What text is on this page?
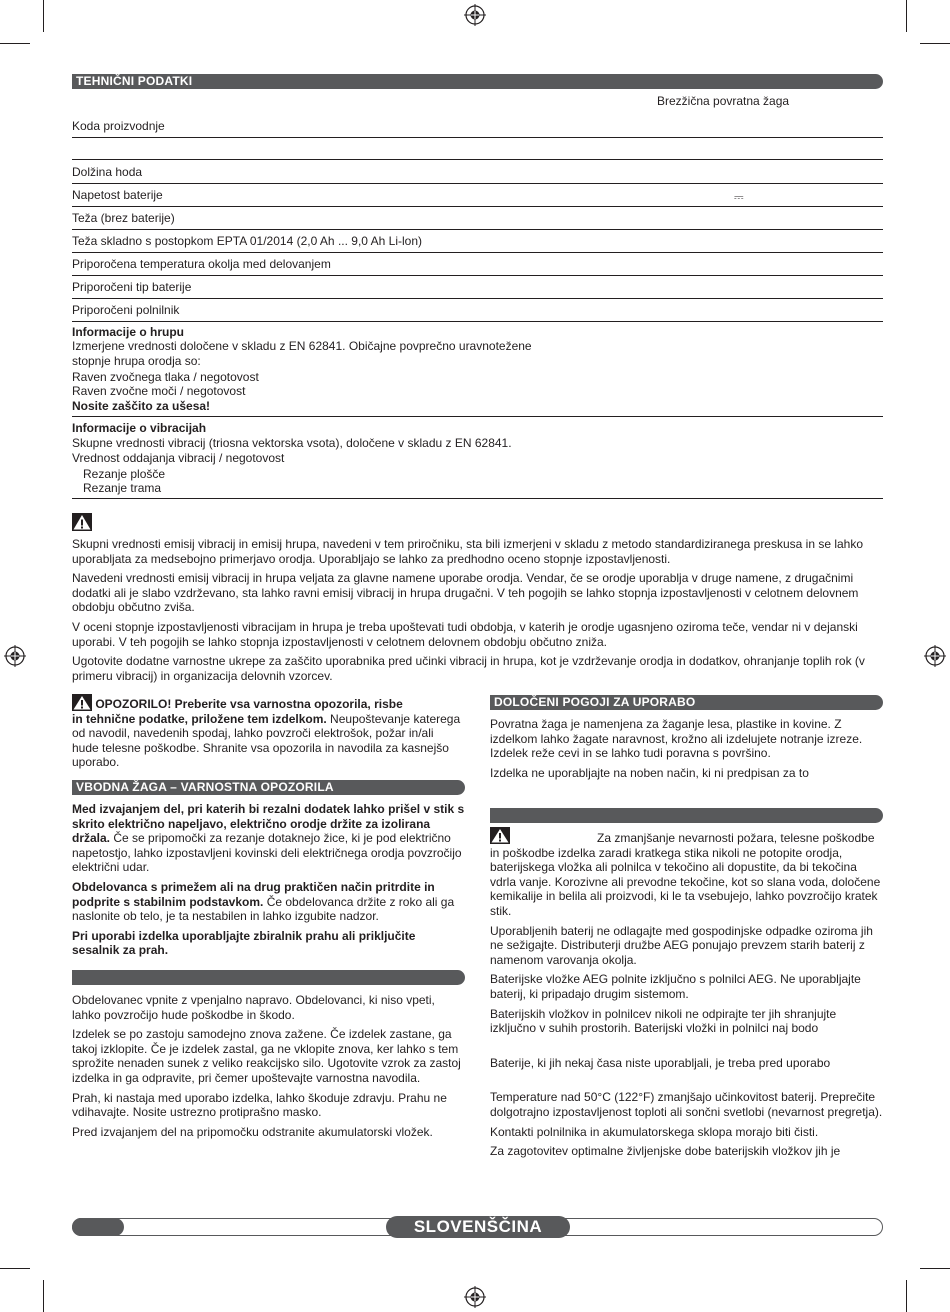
TEHNIČNI PODATKI
Brezžična povratna žaga
Koda proizvodnje
Dolžina hoda
Napetost baterije	⎓
Teža (brez baterije)
Teža skladno s postopkom EPTA 01/2014 (2,0 Ah ... 9,0 Ah Li-lon)
Priporočena temperatura okolja med delovanjem
Priporočeni tip baterije
Priporočeni polnilnik
Informacije o hrupu
Izmerjene vrednosti določene v skladu z EN 62841. Običajne povprečno uravnotežene
stopnje hrupa orodja so:
Raven zvočnega tlaka / negotovost
Raven zvočne moči / negotovost
Nosite zaščito za ušesa!
Informacije o vibracijah
Skupne vrednosti vibracij (triosna vektorska vsota), določene v skladu z EN 62841.
Vrednost oddajanja vibracij / negotovost
Rezanje plošče
Rezanje trama

Skupni vrednosti emisij vibracij in emisij hrupa, navedeni v tem priročniku, sta bili izmerjeni v skladu z metodo standardiziranega preskusa in se lahko uporabljata za medsebojno primerjavo orodja. Uporabljajo se lahko za predhodno oceno stopnje izpostavljenosti.

Navedeni vrednosti emisij vibracij in hrupa veljata za glavne namene uporabe orodja. Vendar, če se orodje uporablja v druge namene, z drugačnimi dodatki ali je slabo vzdrževano, sta lahko ravni emisij vibracij in hrupa drugačni. V teh pogojih se lahko stopnja izpostavljenosti v celotnem delovnem obdobju občutno zviša.

V oceni stopnje izpostavljenosti vibracijam in hrupa je treba upoštevati tudi obdobja, v katerih je orodje ugasnjeno oziroma teče, vendar ni v dejanski uporabi. V teh pogojih se lahko stopnja izpostavljenosti v celotnem delovnem obdobju občutno zniža.

Ugotovite dodatne varnostne ukrepe za zaščito uporabnika pred učinki vibracij in hrupa, kot je vzdrževanje orodja in dodatkov, ohranjanje toplih rok (v primeru vibracij) in organizacija delovnih vzorcev.

OPOZORILO! Preberite vsa varnostna opozorila, risbe
in tehnične podatke, priložene tem izdelkom. Neupoštevanje katerega od navodil, navedenih spodaj, lahko povzroči elektrošok, požar in/ali hude telesne poškodbe. Shranite vsa opozorila in navodila za kasnejšo uporabo.

VBODNA ŽAGA – VARNOSTNA OPOZORILA

Med izvajanjem del, pri katerih bi rezalni dodatek lahko prišel v stik s skrito električno napeljavo, električno orodje držite za izolirana držala. Če se pripomočki za rezanje dotaknejo žice, ki je pod električno napetostjo, lahko izpostavljeni kovinski deli električnega orodja povzročijo električni udar.

Obdelovanca s primežem ali na drug praktičen način pritrdite in podprite s stabilnim podstavkom. Če obdelovanca držite z roko ali ga naslonite ob telo, je ta nestabilen in lahko izgubite nadzor.

Pri uporabi izdelka uporabljajte zbiralnik prahu ali priključite sesalnik za prah.

Obdelovanec vpnite z vpenjalno napravo. Obdelovanci, ki niso vpeti, lahko povzročijo hude poškodbe in škodo.

Izdelek se po zastoju samodejno znova zažene. Če izdelek zastane, ga takoj izklopite. Če je izdelek zastal, ga ne vklopite znova, ker lahko s tem sprožite nenaden sunek z veliko reakcijsko silo. Ugotovite vzrok za zastoj izdelka in ga odpravite, pri čemer upoštevajte varnostna navodila.

Prah, ki nastaja med uporabo izdelka, lahko škoduje zdravju. Prahu ne vdihavajte. Nosite ustrezno protiprašno masko.

Pred izvajanjem del na pripomočku odstranite akumulatorski vložek.

DOLOČENI POGOJI ZA UPORABO

Povratna žaga je namenjena za žaganje lesa, plastike in kovine. Z izdelkom lahko žagate naravnost, krožno ali izdelujete notranje izreze. Izdelek reže cevi in se lahko tudi poravna s površino.

Izdelka ne uporabljajte na noben način, ki ni predpisan za to

Za zmanjšanje nevarnosti požara, telesne poškodbe in poškodbe izdelka zaradi kratkega stika nikoli ne potopite orodja, baterijskega vložka ali polnilca v tekočino ali dopustite, da bi tekočina vdrla vanje. Korozivne ali prevodne tekočine, kot so slana voda, določene kemikalije in belila ali proizvodi, ki le ta vsebujejo, lahko povzročijo kratek stik.

Uporabljenih baterij ne odlagajte med gospodinjske odpadke oziroma jih ne sežigajte. Distributerji družbe AEG ponujajo prevzem starih baterij z namenom varovanja okolja.

Baterijske vložke AEG polnite izključno s polnilci AEG. Ne uporabljajte baterij, ki pripadajo drugim sistemom.

Baterijskih vložkov in polnilcev nikoli ne odpirajte ter jih shranjujte izključno v suhih prostorih. Baterijski vložki in polnilci naj bodo

Baterije, ki jih nekaj časa niste uporabljali, je treba pred uporabo

Temperature nad 50°C (122°F) zmanjšajo učinkovitost baterij. Preprečite dolgotrajno izpostavljenost toploti ali sončni svetlobi (nevarnost pregretja).

Kontakti polnilnika in akumulatorskega sklopa morajo biti čisti.

Za zagotovitev optimalne življenjske dobe baterijskih vložkov jih je

SLOVENŠČINA
